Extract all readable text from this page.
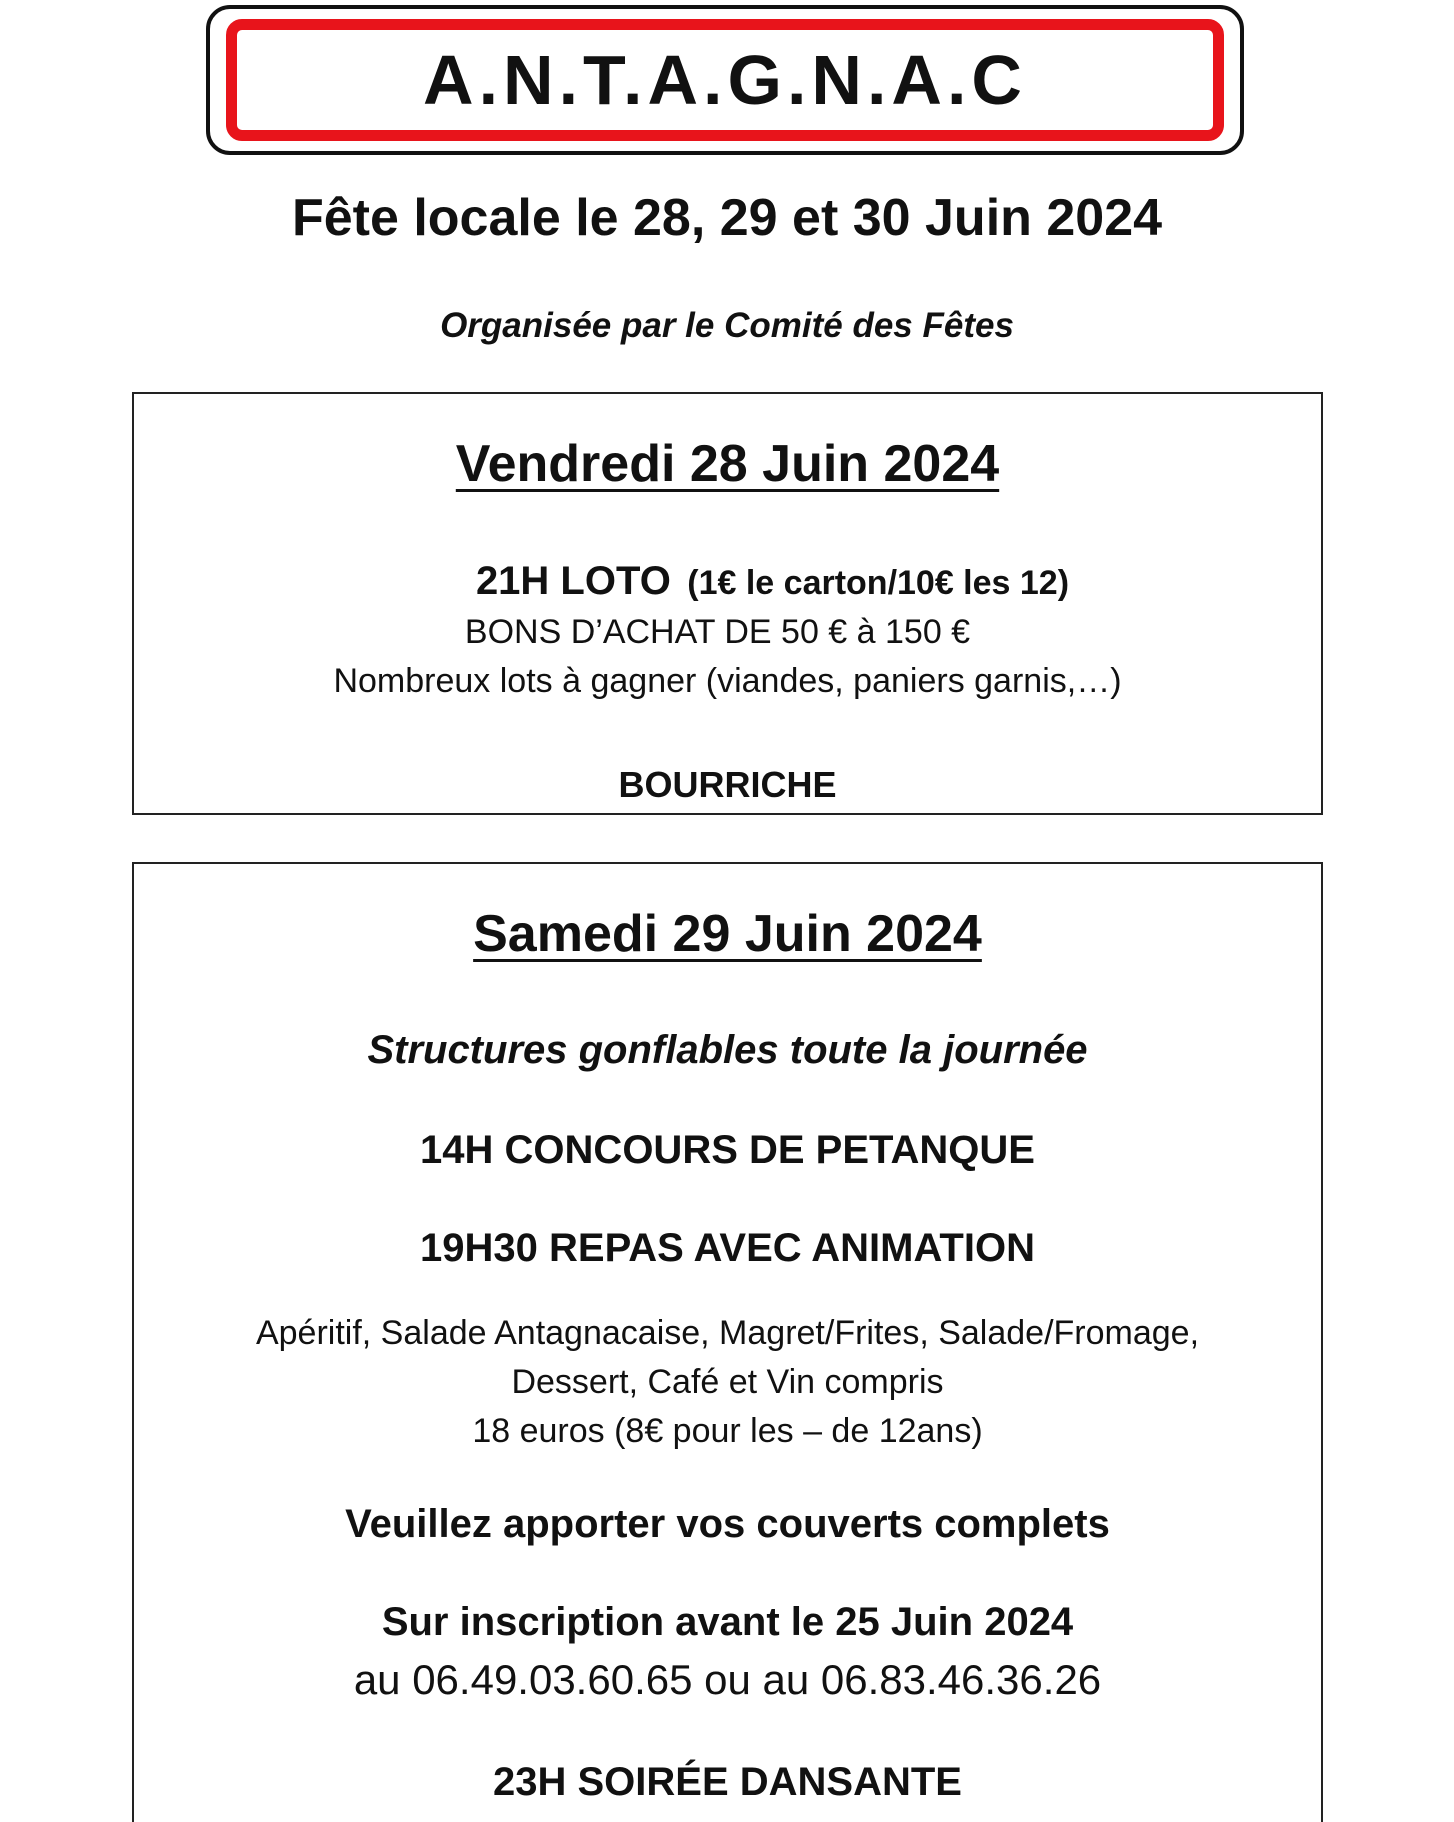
A.N.T.A.G.N.A.C
Fête locale le 28, 29 et 30 Juin 2024
Organisée par le Comité des Fêtes
Vendredi 28 Juin 2024
21H LOTO (1€ le carton/10€ les 12)
BONS D’ACHAT DE 50 € à 150 €
Nombreux lots à gagner (viandes, paniers garnis,…)
BOURRICHE
Samedi 29 Juin 2024
Structures gonflables toute la journée
14H CONCOURS DE PETANQUE
19H30 REPAS AVEC ANIMATION
Apéritif, Salade Antagnacaise, Magret/Frites, Salade/Fromage,
Dessert, Café et Vin compris
18 euros (8€ pour les – de 12ans)
Veuillez apporter vos couverts complets
Sur inscription avant le 25 Juin 2024
au 06.49.03.60.65 ou au 06.83.46.36.26
23H SOIRÉE DANSANTE
